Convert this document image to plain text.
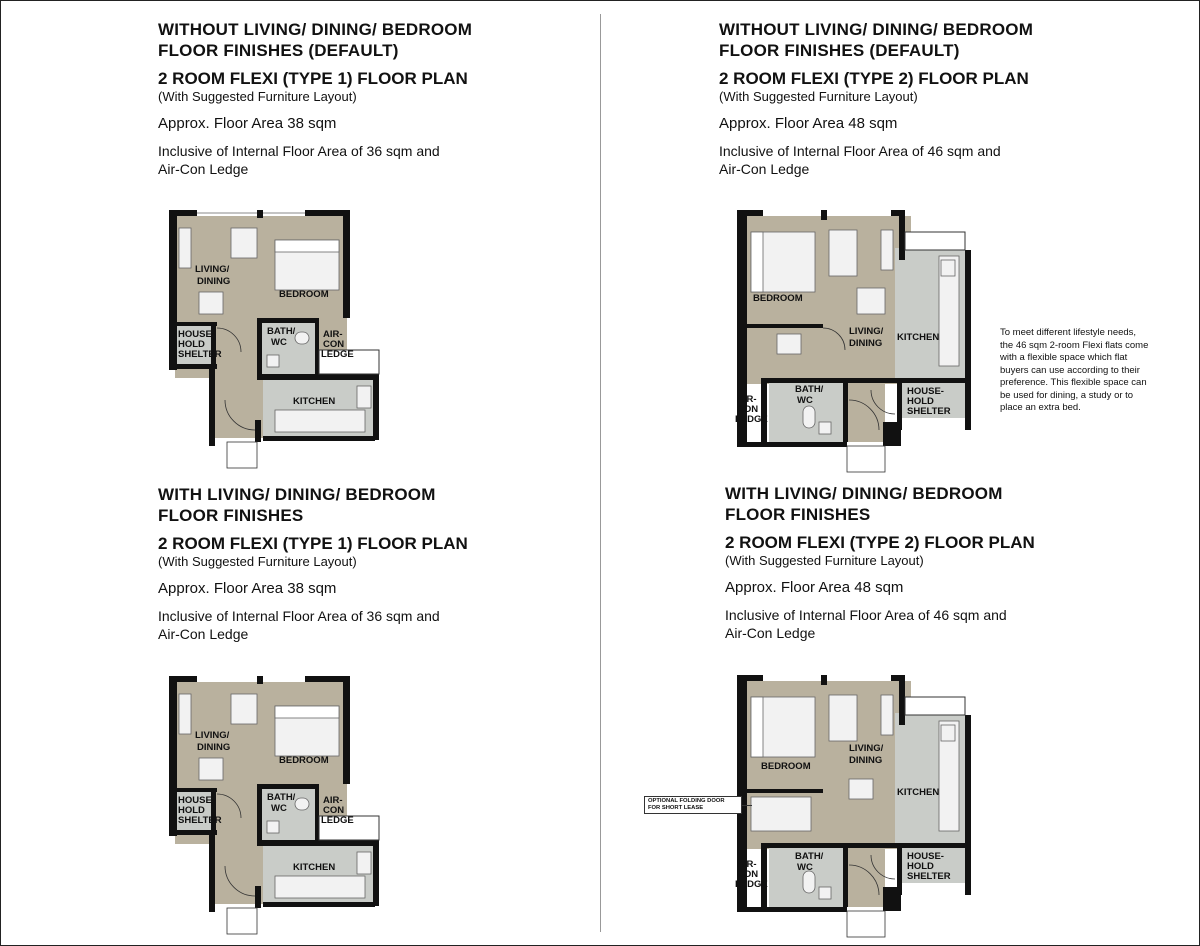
WITHOUT LIVING/ DINING/ BEDROOM
FLOOR FINISHES (DEFAULT)
2 ROOM FLEXI (TYPE 1) FLOOR PLAN
(With Suggested Furniture Layout)
Approx. Floor Area 38 sqm
Inclusive of Internal Floor Area of 36 sqm and
Air-Con Ledge
WITH LIVING/ DINING/ BEDROOM
FLOOR FINISHES
2 ROOM FLEXI (TYPE 1) FLOOR PLAN
(With Suggested Furniture Layout)
Approx. Floor Area 38 sqm
Inclusive of Internal Floor Area of 36 sqm and
Air-Con Ledge
WITHOUT LIVING/ DINING/ BEDROOM
FLOOR FINISHES (DEFAULT)
2 ROOM FLEXI (TYPE 2) FLOOR PLAN
(With Suggested Furniture Layout)
Approx. Floor Area 48 sqm
Inclusive of Internal Floor Area of 46 sqm and
Air-Con Ledge
WITH LIVING/ DINING/ BEDROOM
FLOOR FINISHES
2 ROOM FLEXI (TYPE 2) FLOOR PLAN
(With Suggested Furniture Layout)
Approx. Floor Area 48 sqm
Inclusive of Internal Floor Area of 46 sqm and
Air-Con Ledge
LIVING/
DINING
BEDROOM
HOUSE-
HOLD
SHELTER
BATH/
WC
AIR-
CON
LEDGE
KITCHEN
LIVING/
DINING
BEDROOM
HOUSE-
HOLD
SHELTER
BATH/
WC
AIR-
CON
LEDGE
KITCHEN
BEDROOM
LIVING/
DINING
KITCHEN
AIR-
CON
LEDGE
BATH/
WC
HOUSE-
HOLD
SHELTER
BEDROOM
LIVING/
DINING
KITCHEN
AIR-
CON
LEDGE
BATH/
WC
HOUSE-
HOLD
SHELTER
To meet different lifestyle needs, the 46 sqm 2-room Flexi flats come with a flexible space which flat buyers can use according to their preference. This flexible space can be used for dining, a study or to place an extra bed.
OPTIONAL FOLDING DOOR
FOR SHORT LEASE
